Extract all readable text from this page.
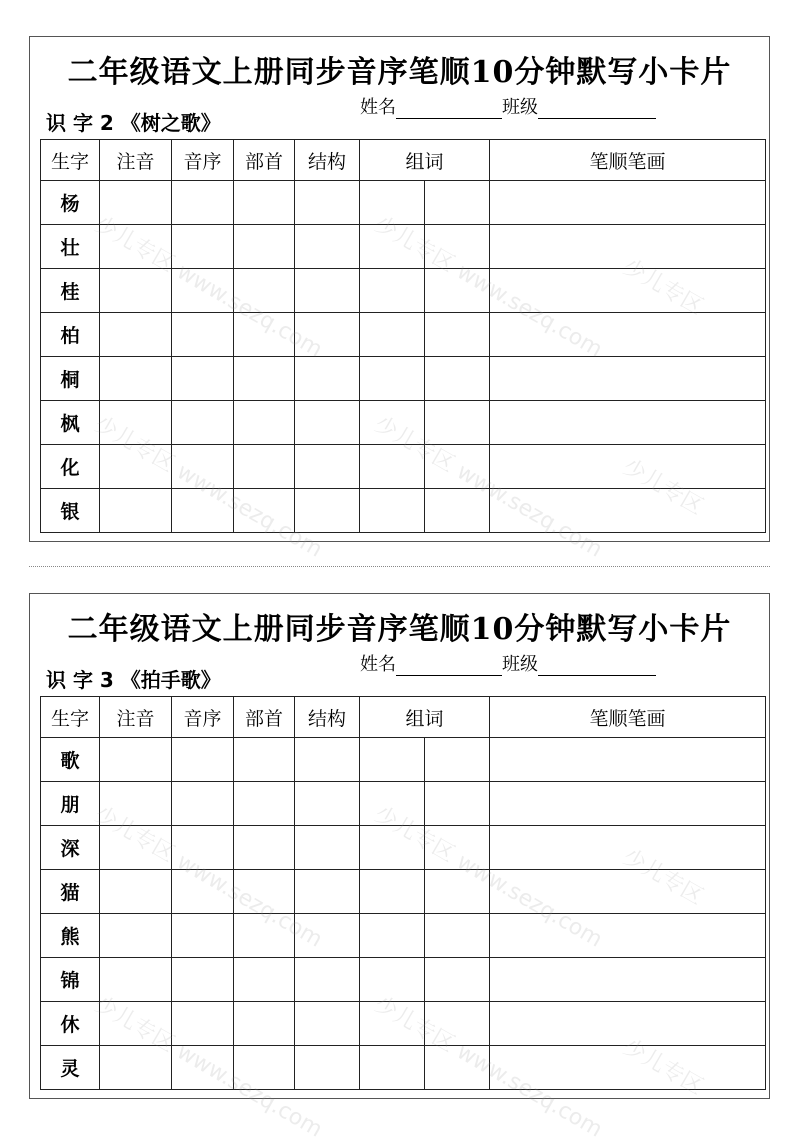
二年级语文上册同步音序笔顺10分钟默写小卡片
姓名	班级
识 字 2 《树之歌》
生字	注音	音序	部首	结构	组词		笔顺笔画
杨							
壮							
桂							
柏							
桐							
枫							
化							
银							
二年级语文上册同步音序笔顺10分钟默写小卡片
姓名	班级
识 字 3 《拍手歌》
生字	注音	音序	部首	结构	组词		笔顺笔画
歌							
朋							
深							
猫							
熊							
锦							
休							
灵							
